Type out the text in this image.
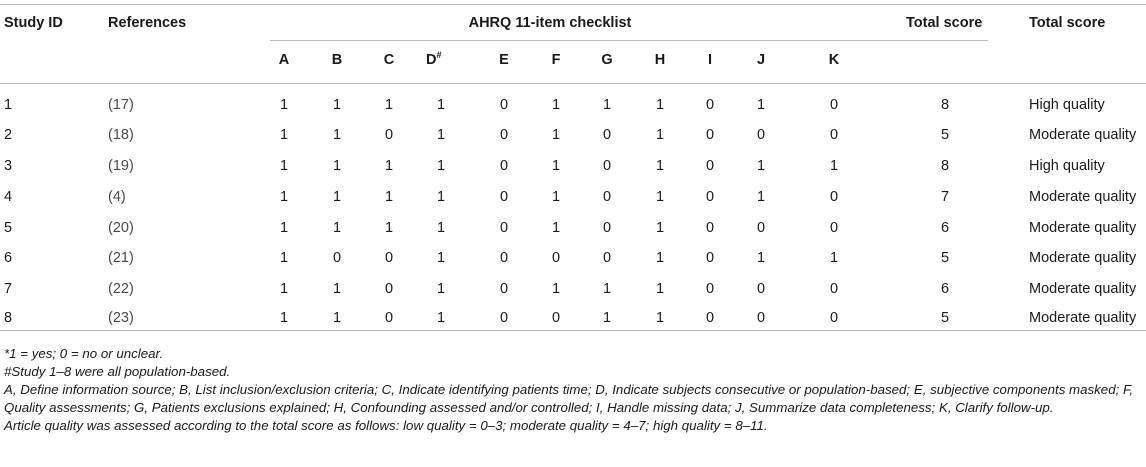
Study ID	References	AHRQ 11-item checklist	Total score	Total score
A	B	C	D#	E	F	G	H	I	J	K
1	(17)	1	1	1	1	0	1	1	1	0	1	0	8	High quality
2	(18)	1	1	0	1	0	1	0	1	0	0	0	5	Moderate quality
3	(19)	1	1	1	1	0	1	0	1	0	1	1	8	High quality
4	(4)	1	1	1	1	0	1	0	1	0	1	0	7	Moderate quality
5	(20)	1	1	1	1	0	1	0	1	0	0	0	6	Moderate quality
6	(21)	1	0	0	1	0	0	0	1	0	1	1	5	Moderate quality
7	(22)	1	1	0	1	0	1	1	1	0	0	0	6	Moderate quality
8	(23)	1	1	0	1	0	0	1	1	0	0	0	5	Moderate quality

*1 = yes; 0 = no or unclear.

#Study 1–8 were all population-based.

A, Define information source; B, List inclusion/exclusion criteria; C, Indicate identifying patients time; D, Indicate subjects consecutive or population-based; E, subjective components masked; F, Quality assessments; G, Patients exclusions explained; H, Confounding assessed and/or controlled; I, Handle missing data; J, Summarize data completeness; K, Clarify follow-up.

Article quality was assessed according to the total score as follows: low quality = 0–3; moderate quality = 4–7; high quality = 8–11.
